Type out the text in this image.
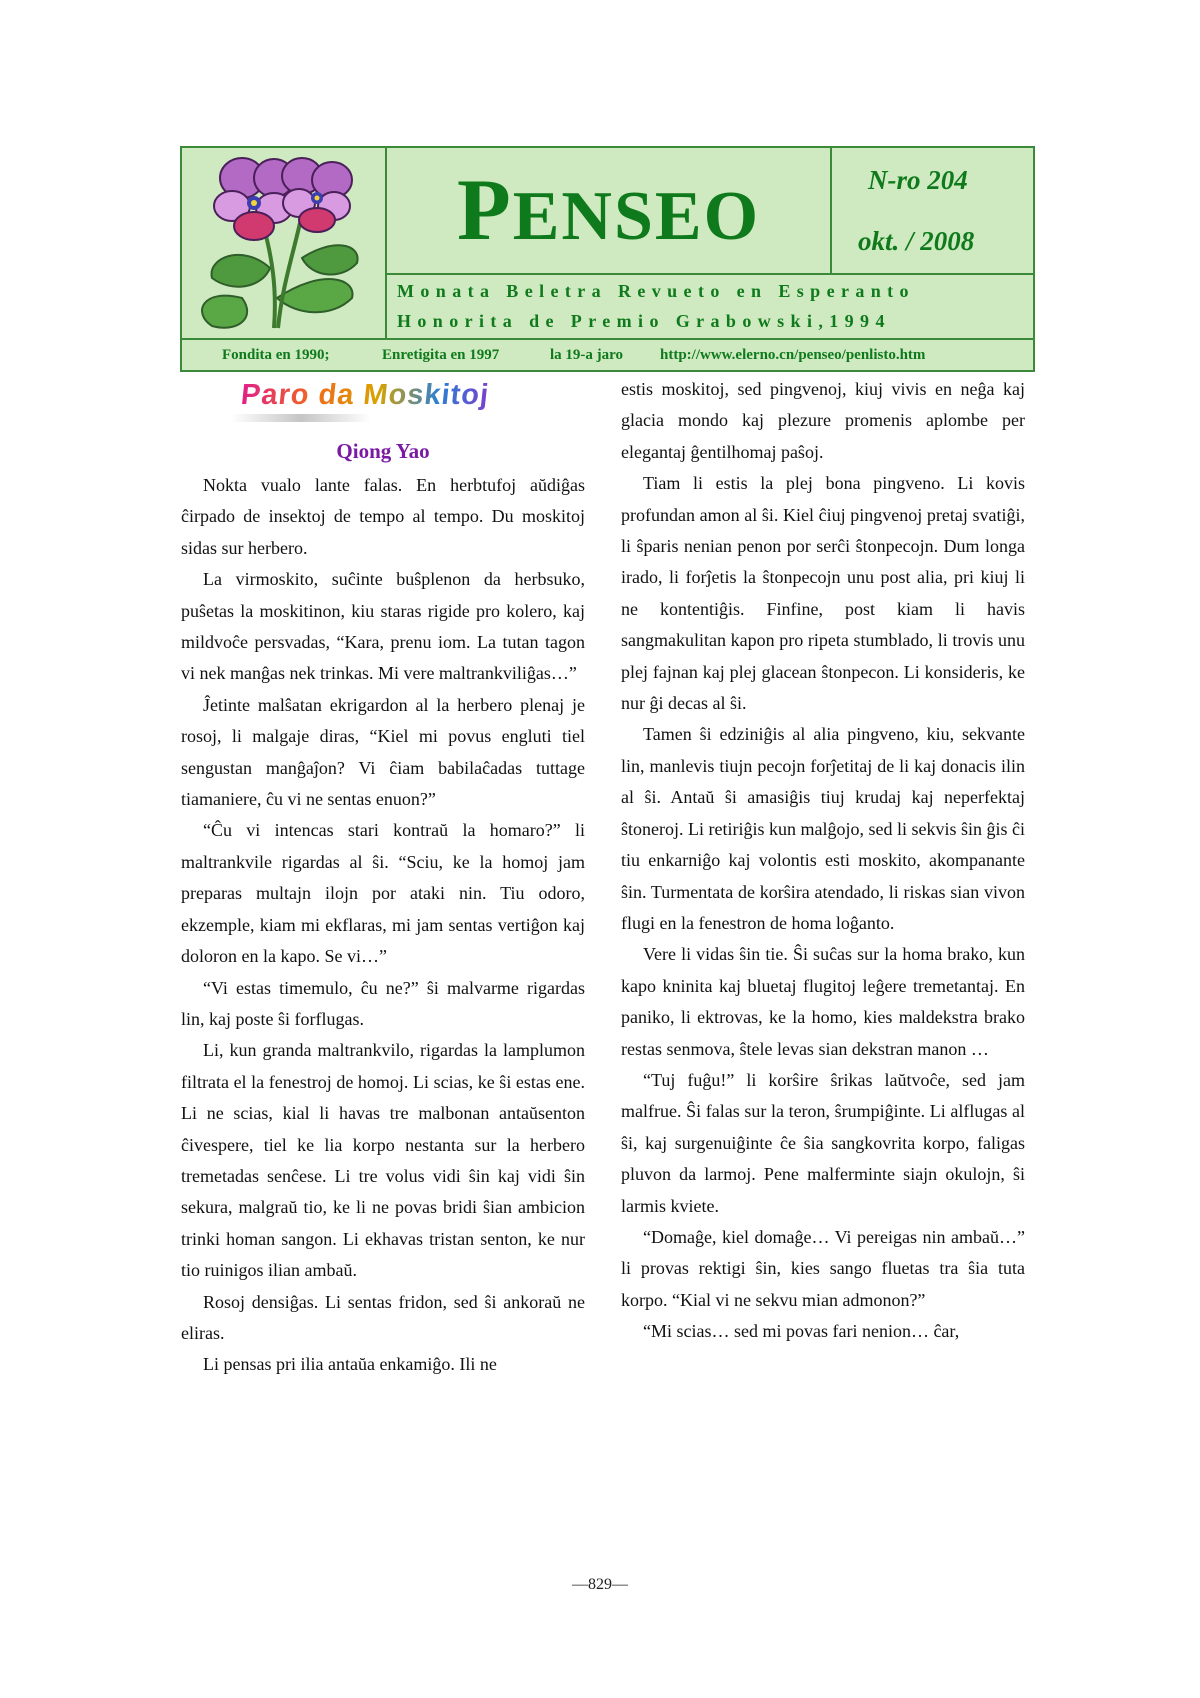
PENSEO	N-ro 204
okt. / 2008
Monata Beletra Revueto en Esperanto
Honorita de Premio Grabowski,1994
Fondita en 1990;	Enretigita en 1997	la 19-a jaro http://www.elerno.cn/penseo/penlisto.htm
Paro da Moskitoj
Qiong Yao

Nokta vualo lante falas. En herbtufoj aŭdiĝas ĉirpado de insektoj de tempo al tempo. Du moskitoj sidas sur herbero.

La virmoskito, suĉinte buŝplenon da herbsuko, puŝetas la moskitinon, kiu staras rigide pro kolero, kaj mildvoĉe persvadas, “Kara, prenu iom. La tutan tagon vi nek manĝas nek trinkas. Mi vere maltrankviliĝas…”

Ĵetinte malŝatan ekrigardon al la herbero plenaj je rosoj, li malgaje diras, “Kiel mi povus engluti tiel sengustan manĝaĵon? Vi ĉiam babilaĉadas tuttage tiamaniere, ĉu vi ne sentas enuon?”

“Ĉu vi intencas stari kontraŭ la homaro?” li maltrankvile rigardas al ŝi. “Sciu, ke la homoj jam preparas multajn ilojn por ataki nin. Tiu odoro, ekzemple, kiam mi ekflaras, mi jam sentas vertiĝon kaj doloron en la kapo. Se vi…”

“Vi estas timemulo, ĉu ne?” ŝi malvarme rigardas lin, kaj poste ŝi forflugas.

Li, kun granda maltrankvilo, rigardas la lamplumon filtrata el la fenestroj de homoj. Li scias, ke ŝi estas ene. Li ne scias, kial li havas tre malbonan antaŭsenton ĉivespere, tiel ke lia korpo nestanta sur la herbero tremetadas senĉese. Li tre volus vidi ŝin kaj vidi ŝin sekura, malgraŭ tio, ke li ne povas bridi ŝian ambicion trinki homan sangon. Li ekhavas tristan senton, ke nur tio ruinigos ilian ambaŭ.

Rosoj densiĝas. Li sentas fridon, sed ŝi ankoraŭ ne eliras.

Li pensas pri ilia antaŭa enkamiĝo. Ili ne

estis moskitoj, sed pingvenoj, kiuj vivis en neĝa kaj glacia mondo kaj plezure promenis aplombe per elegantaj ĝentilhomaj paŝoj.

Tiam li estis la plej bona pingveno. Li kovis profundan amon al ŝi. Kiel ĉiuj pingvenoj pretaj svatiĝi, li ŝparis nenian penon por serĉi ŝtonpecojn. Dum longa irado, li forĵetis la ŝtonpecojn unu post alia, pri kiuj li ne kontentiĝis. Finfine, post kiam li havis sangmakulitan kapon pro ripeta stumblado, li trovis unu plej fajnan kaj plej glacean ŝtonpecon. Li konsideris, ke nur ĝi decas al ŝi.

Tamen ŝi edziniĝis al alia pingveno, kiu, sekvante lin, manlevis tiujn pecojn forĵetitaj de li kaj donacis ilin al ŝi. Antaŭ ŝi amasiĝis tiuj krudaj kaj neperfektaj ŝtoneroj. Li retiriĝis kun malĝojo, sed li sekvis ŝin ĝis ĉi tiu enkarniĝo kaj volontis esti moskito, akompanante ŝin. Turmentata de korŝira atendado, li riskas sian vivon flugi en la fenestron de homa loĝanto.

Vere li vidas ŝin tie. Ŝi suĉas sur la homa brako, kun kapo kninita kaj bluetaj flugitoj leĝere tremetantaj. En paniko, li ektrovas, ke la homo, kies maldekstra brako restas senmova, ŝtele levas sian dekstran manon …

“Tuj fuĝu!” li korŝire ŝrikas laŭtvoĉe, sed jam malfrue. Ŝi falas sur la teron, ŝrumpiĝinte. Li alflugas al ŝi, kaj surgenuiĝinte ĉe ŝia sangkovrita korpo, faligas pluvon da larmoj. Pene malferminte siajn okulojn, ŝi larmis kviete.

“Domaĝe, kiel domaĝe… Vi pereigas nin ambaŭ…” li provas rektigi ŝin, kies sango fluetas tra ŝia tuta korpo. “Kial vi ne sekvu mian admonon?”

“Mi scias… sed mi povas fari nenion… ĉar,

—829—
